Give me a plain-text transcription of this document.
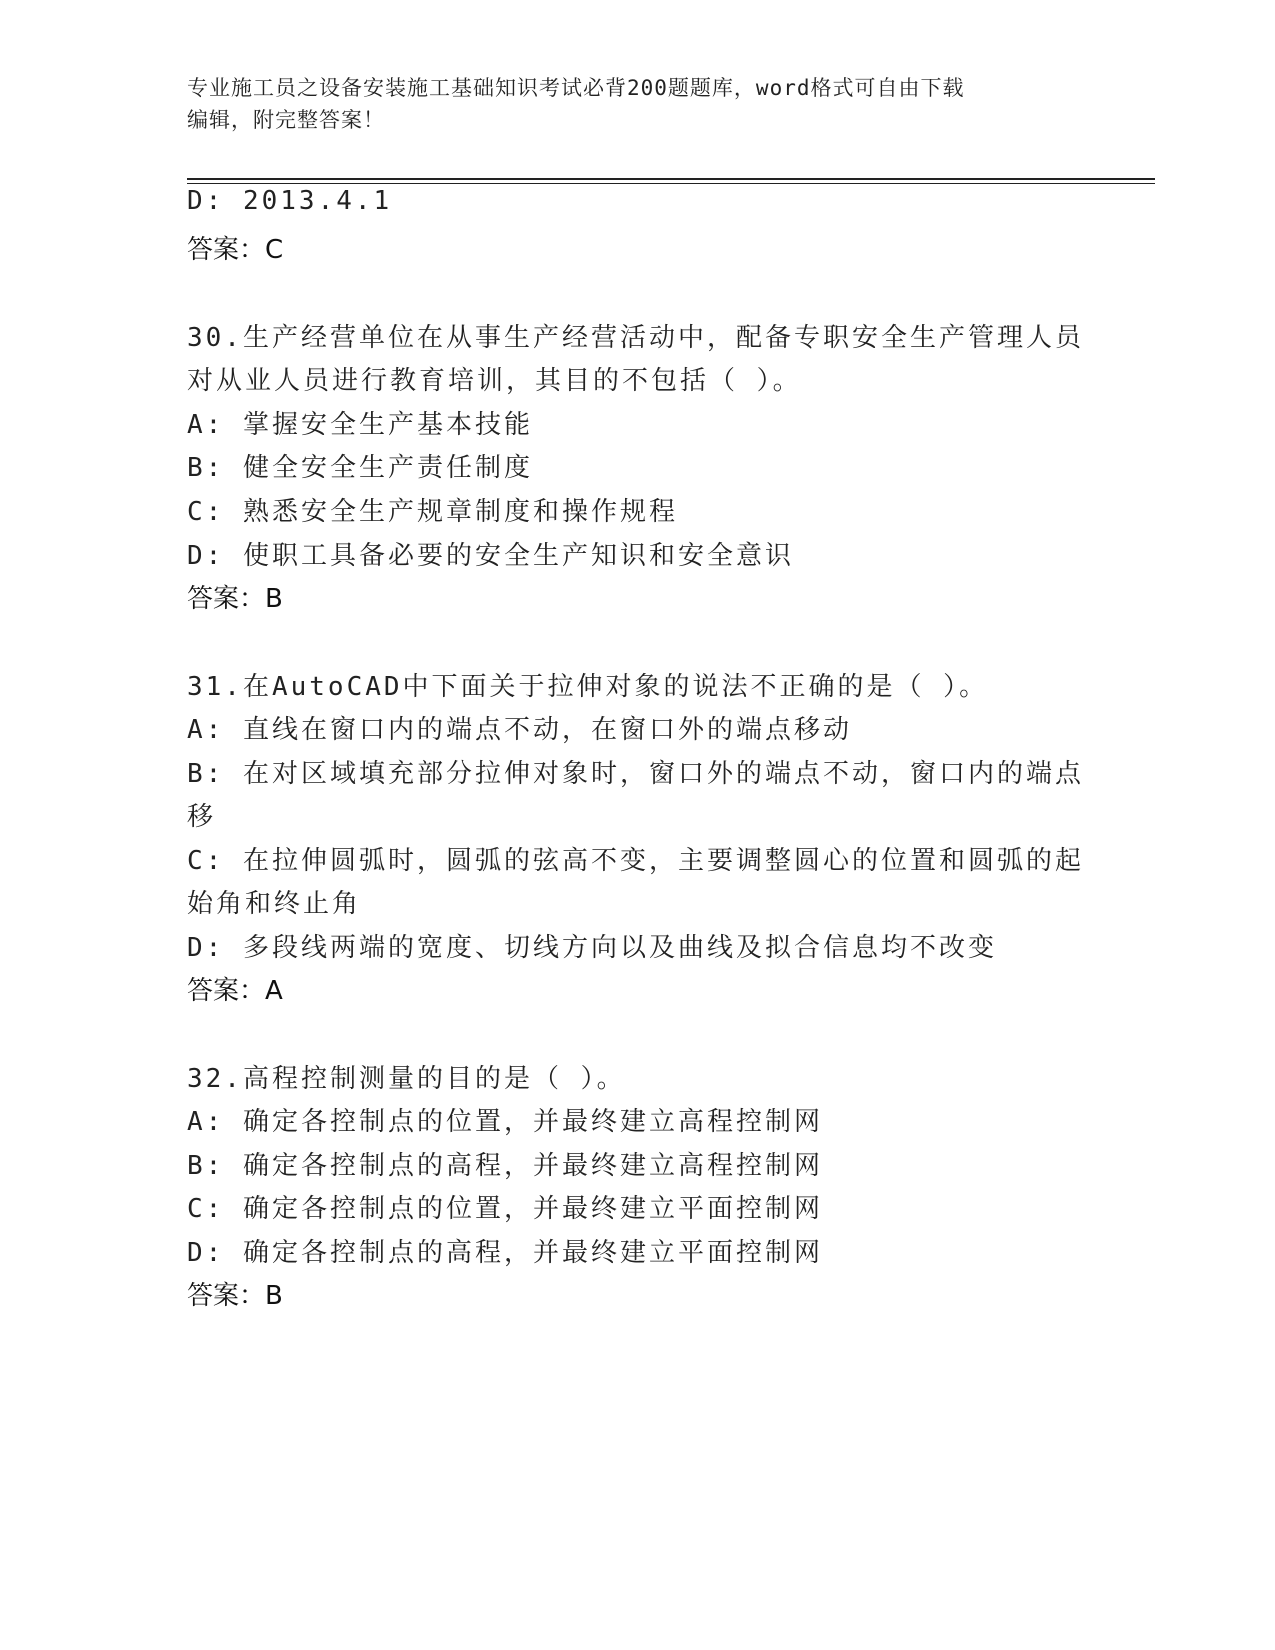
专业施工员之设备安装施工基础知识考试必背200题题库，word格式可自由下载
编辑，附完整答案！
D: 2013.4.1
答案：C
30.生产经营单位在从事生产经营活动中，配备专职安全生产管理人员
对从业人员进行教育培训，其目的不包括（ ）。
A: 掌握安全生产基本技能
B: 健全安全生产责任制度
C: 熟悉安全生产规章制度和操作规程
D: 使职工具备必要的安全生产知识和安全意识
答案：B
31.在AutoCAD中下面关于拉伸对象的说法不正确的是（ ）。
A: 直线在窗口内的端点不动，在窗口外的端点移动
B: 在对区域填充部分拉伸对象时，窗口外的端点不动，窗口内的端点
移
C: 在拉伸圆弧时，圆弧的弦高不变，主要调整圆心的位置和圆弧的起
始角和终止角
D: 多段线两端的宽度、切线方向以及曲线及拟合信息均不改变
答案：A
32.高程控制测量的目的是（ ）。
A: 确定各控制点的位置，并最终建立高程控制网
B: 确定各控制点的高程，并最终建立高程控制网
C: 确定各控制点的位置，并最终建立平面控制网
D: 确定各控制点的高程，并最终建立平面控制网
答案：B
